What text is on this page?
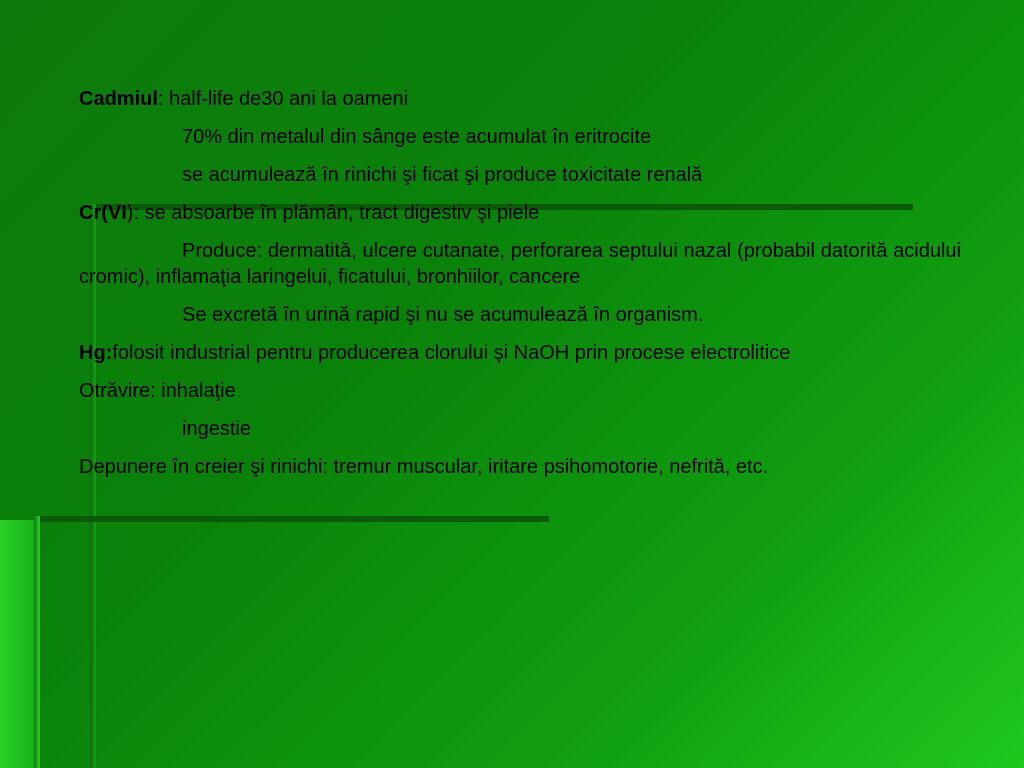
Cadmiul: half-life de30 ani la oameni

70% din metalul din sânge este acumulat în eritrocite

se acumulează în rinichi şi ficat şi produce toxicitate renală

Cr(VI): se absoarbe în plămân, tract digestiv şi piele

Produce: dermatită, ulcere cutanate, perforarea septului nazal (probabil datorită acidului cromic), inflamaţia laringelui, ficatului, bronhiilor, cancere

Se excretă în urină rapid şi nu se acumulează în organism.

Hg:folosit industrial pentru producerea clorului şi NaOH prin procese electrolitice

Otrăvire: inhalaţie

ingestie

Depunere în creier şi rinichi: tremur muscular, iritare psihomotorie, nefrită, etc.
